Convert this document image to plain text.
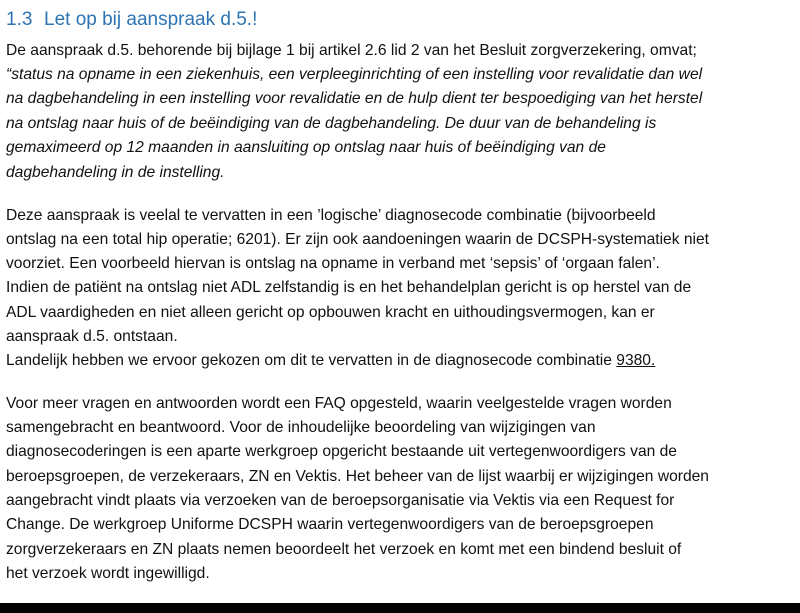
1.3 Let op bij aanspraak d.5.!
De aanspraak d.5. behorende bij bijlage 1 bij artikel 2.6 lid 2 van het Besluit zorgverzekering, omvat;
“status na opname in een ziekenhuis, een verpleeginrichting of een instelling voor revalidatie dan wel
na dagbehandeling in een instelling voor revalidatie en de hulp dient ter bespoediging van het herstel
na ontslag naar huis of de beëindiging van de dagbehandeling. De duur van de behandeling is
gemaximeerd op 12 maanden in aansluiting op ontslag naar huis of beëindiging van de
dagbehandeling in de instelling.
Deze aanspraak is veelal te vervatten in een ’logische’ diagnosecode combinatie (bijvoorbeeld
ontslag na een total hip operatie; 6201). Er zijn ook aandoeningen waarin de DCSPH-systematiek niet
voorziet. Een voorbeeld hiervan is ontslag na opname in verband met ‘sepsis’ of ‘orgaan falen’.
Indien de patiënt na ontslag niet ADL zelfstandig is en het behandelplan gericht is op herstel van de
ADL vaardigheden en niet alleen gericht op opbouwen kracht en uithoudingsvermogen, kan er
aanspraak d.5. ontstaan.
Landelijk hebben we ervoor gekozen om dit te vervatten in de diagnosecode combinatie 9380.
Voor meer vragen en antwoorden wordt een FAQ opgesteld, waarin veelgestelde vragen worden
samengebracht en beantwoord. Voor de inhoudelijke beoordeling van wijzigingen van
diagnosecoderingen is een aparte werkgroep opgericht bestaande uit vertegenwoordigers van de
beroepsgroepen, de verzekeraars, ZN en Vektis. Het beheer van de lijst waarbij er wijzigingen worden
aangebracht vindt plaats via verzoeken van de beroepsorganisatie via Vektis via een Request for
Change. De werkgroep Uniforme DCSPH waarin vertegenwoordigers van de beroepsgroepen
zorgverzekeraars en ZN plaats nemen beoordeelt het verzoek en komt met een bindend besluit of
het verzoek wordt ingewilligd.
